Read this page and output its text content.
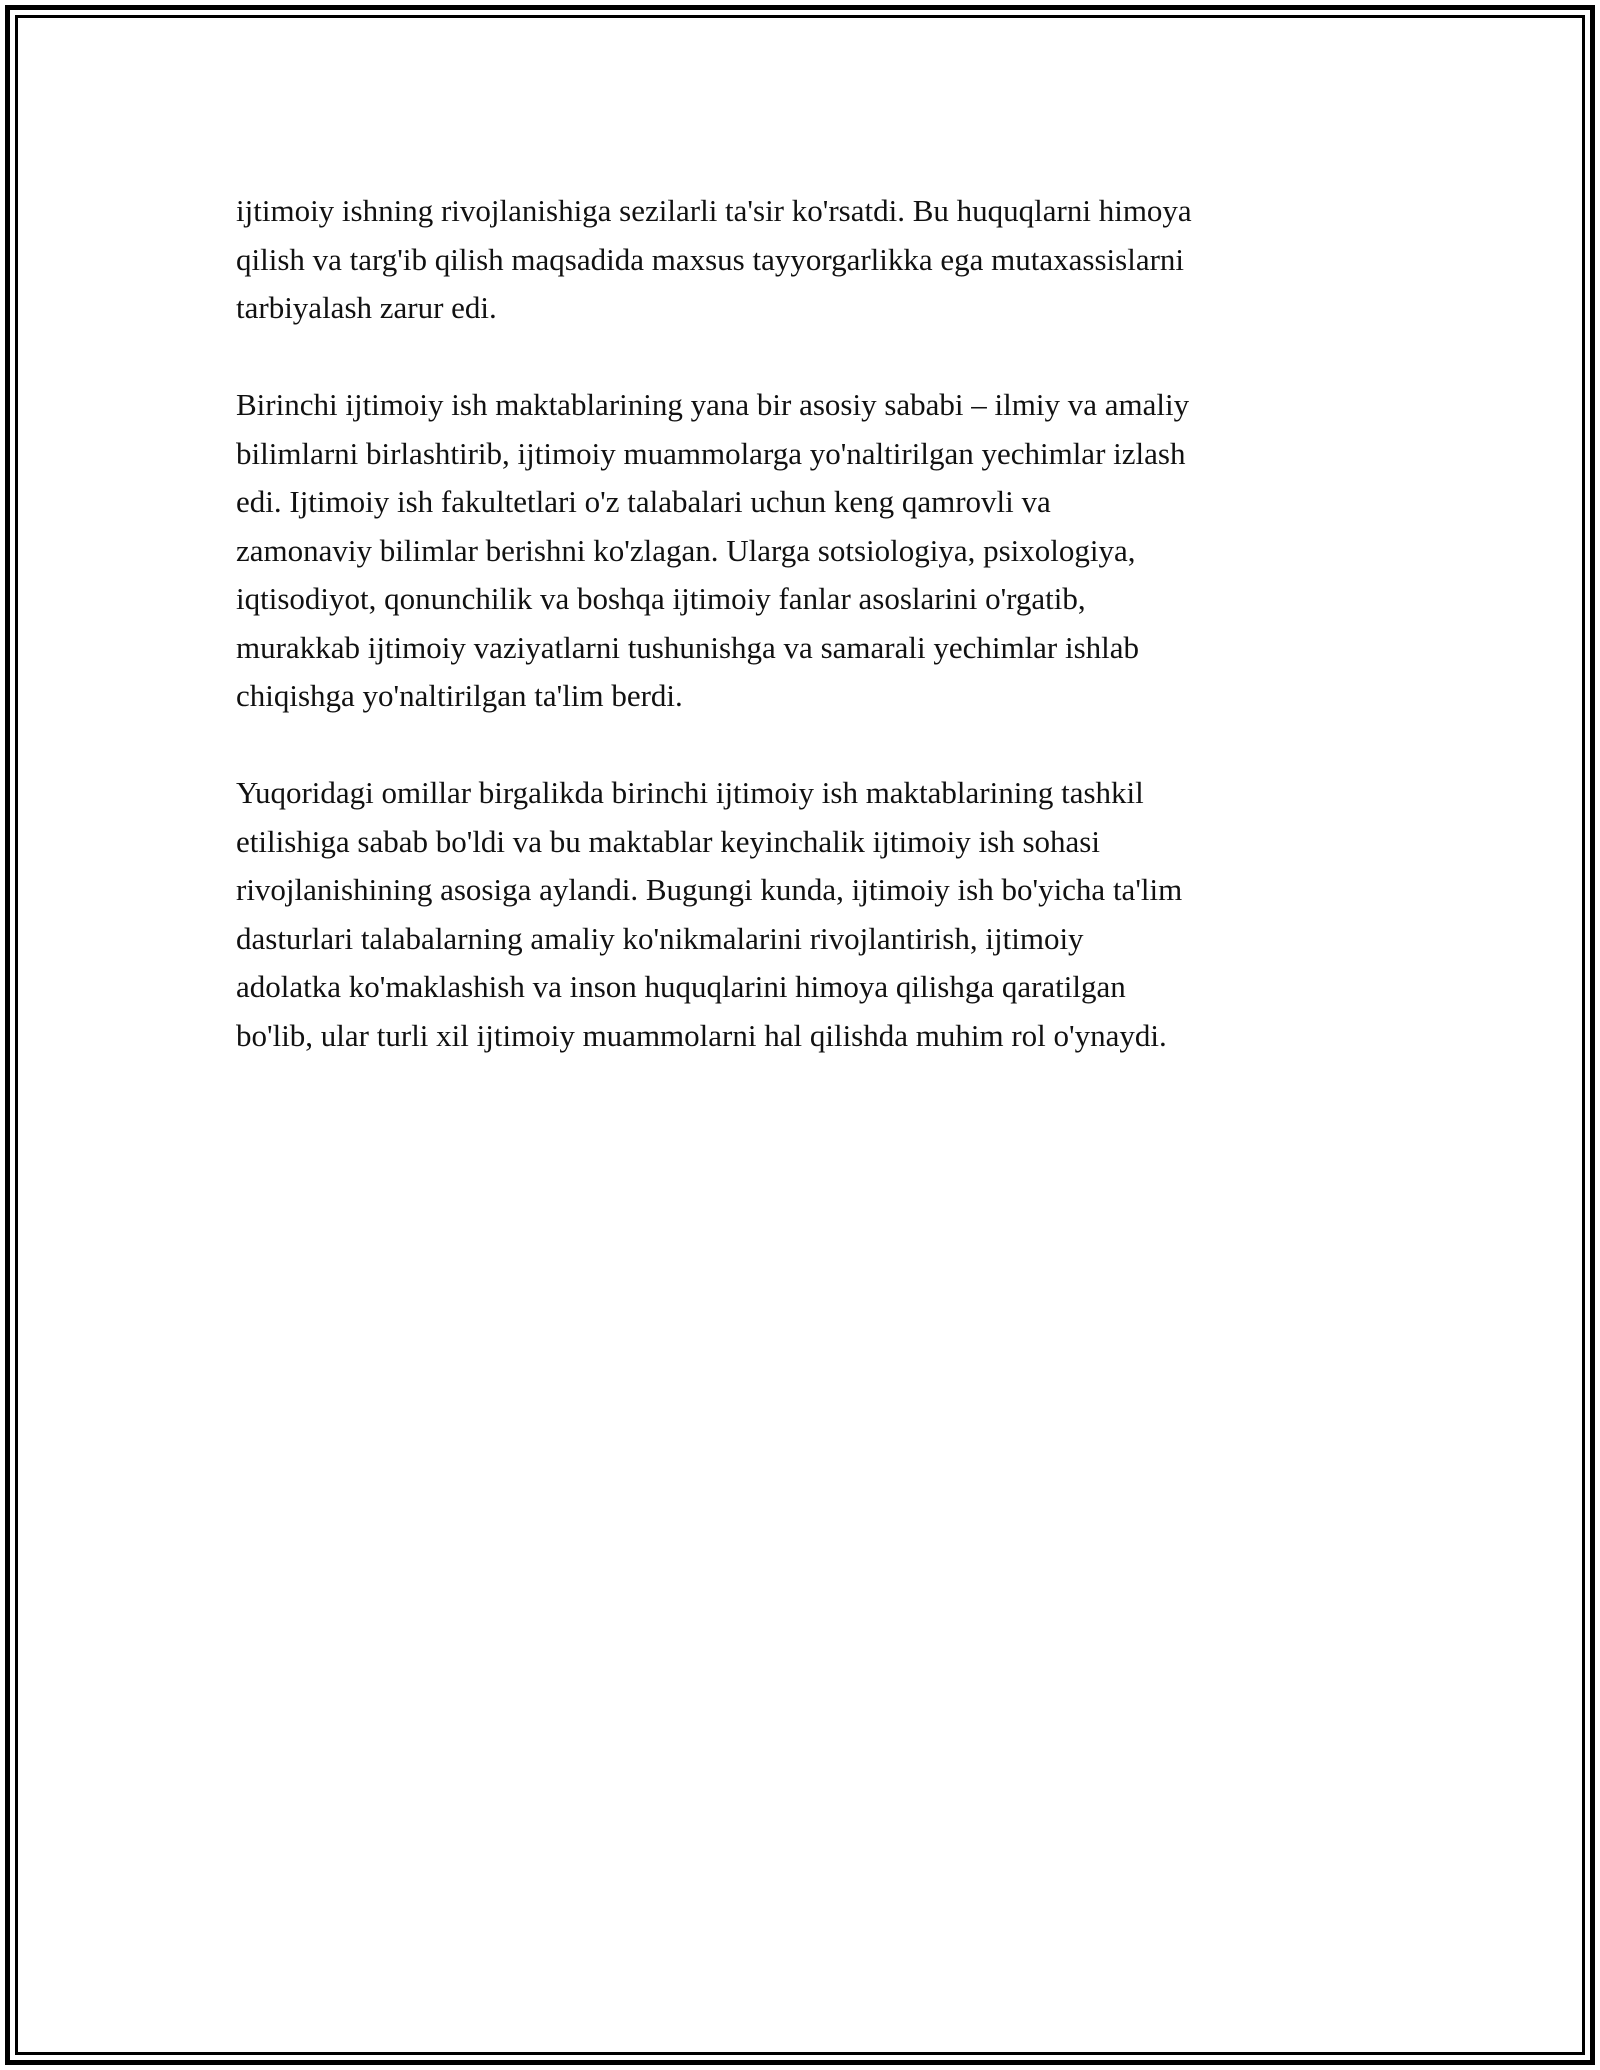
ijtimoiy ishning rivojlanishiga sezilarli ta'sir ko'rsatdi. Bu huquqlarni himoya
qilish va targ'ib qilish maqsadida maxsus tayyorgarlikka ega mutaxassislarni
tarbiyalash zarur edi.

Birinchi ijtimoiy ish maktablarining yana bir asosiy sababi – ilmiy va amaliy
bilimlarni birlashtirib, ijtimoiy muammolarga yo'naltirilgan yechimlar izlash
edi. Ijtimoiy ish fakultetlari o'z talabalari uchun keng qamrovli va
zamonaviy bilimlar berishni ko'zlagan. Ularga sotsiologiya, psixologiya,
iqtisodiyot, qonunchilik va boshqa ijtimoiy fanlar asoslarini o'rgatib,
murakkab ijtimoiy vaziyatlarni tushunishga va samarali yechimlar ishlab
chiqishga yo'naltirilgan ta'lim berdi.

Yuqoridagi omillar birgalikda birinchi ijtimoiy ish maktablarining tashkil
etilishiga sabab bo'ldi va bu maktablar keyinchalik ijtimoiy ish sohasi
rivojlanishining asosiga aylandi. Bugungi kunda, ijtimoiy ish bo'yicha ta'lim
dasturlari talabalarning amaliy ko'nikmalarini rivojlantirish, ijtimoiy
adolatka ko'maklashish va inson huquqlarini himoya qilishga qaratilgan
bo'lib, ular turli xil ijtimoiy muammolarni hal qilishda muhim rol o'ynaydi.
